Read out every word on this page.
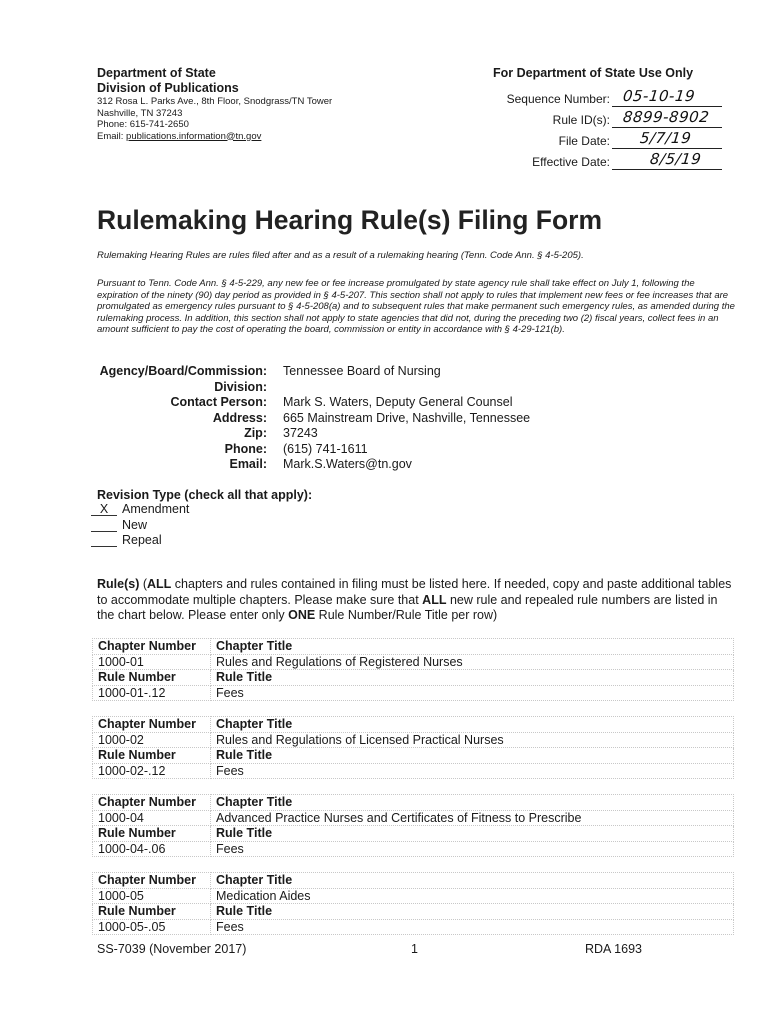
Department of State
Division of Publications
312 Rosa L. Parks Ave., 8th Floor, Snodgrass/TN Tower
Nashville, TN 37243
Phone: 615-741-2650
Email: publications.information@tn.gov
For Department of State Use Only
Sequence Number: 05-10-19
Rule ID(s): 8899-8902
File Date: 5/7/19
Effective Date:	8/5/19
Rulemaking Hearing Rule(s) Filing Form
Rulemaking Hearing Rules are rules filed after and as a result of a rulemaking hearing (Tenn. Code Ann. § 4-5-205).
Pursuant to Tenn. Code Ann. § 4-5-229, any new fee or fee increase promulgated by state agency rule shall take effect on July 1, following the expiration of the ninety (90) day period as provided in § 4-5-207. This section shall not apply to rules that implement new fees or fee increases that are promulgated as emergency rules pursuant to § 4-5-208(a) and to subsequent rules that make permanent such emergency rules, as amended during the rulemaking process. In addition, this section shall not apply to state agencies that did not, during the preceding two (2) fiscal years, collect fees in an amount sufficient to pay the cost of operating the board, commission or entity in accordance with § 4-29-121(b).
Agency/Board/Commission: Tennessee Board of Nursing
Division:
Contact Person: Mark S. Waters, Deputy General Counsel
Address: 665 Mainstream Drive, Nashville, Tennessee
Zip: 37243
Phone: (615) 741-1611
Email: Mark.S.Waters@tn.gov
Revision Type (check all that apply):
X	Amendment
New
Repeal
Rule(s) (ALL chapters and rules contained in filing must be listed here. If needed, copy and paste additional tables to accommodate multiple chapters. Please make sure that ALL new rule and repealed rule numbers are listed in the chart below. Please enter only ONE Rule Number/Rule Title per row)
Chapter Number	Chapter Title
1000-01	Rules and Regulations of Registered Nurses
Rule Number	Rule Title
1000-01-.12	Fees
Chapter Number	Chapter Title
1000-02	Rules and Regulations of Licensed Practical Nurses
Rule Number	Rule Title
1000-02-.12	Fees
Chapter Number	Chapter Title
1000-04	Advanced Practice Nurses and Certificates of Fitness to Prescribe
Rule Number	Rule Title
1000-04-.06	Fees
Chapter Number	Chapter Title
1000-05	Medication Aides
Rule Number	Rule Title
1000-05-.05	Fees
SS-7039 (November 2017)	1	RDA 1693
